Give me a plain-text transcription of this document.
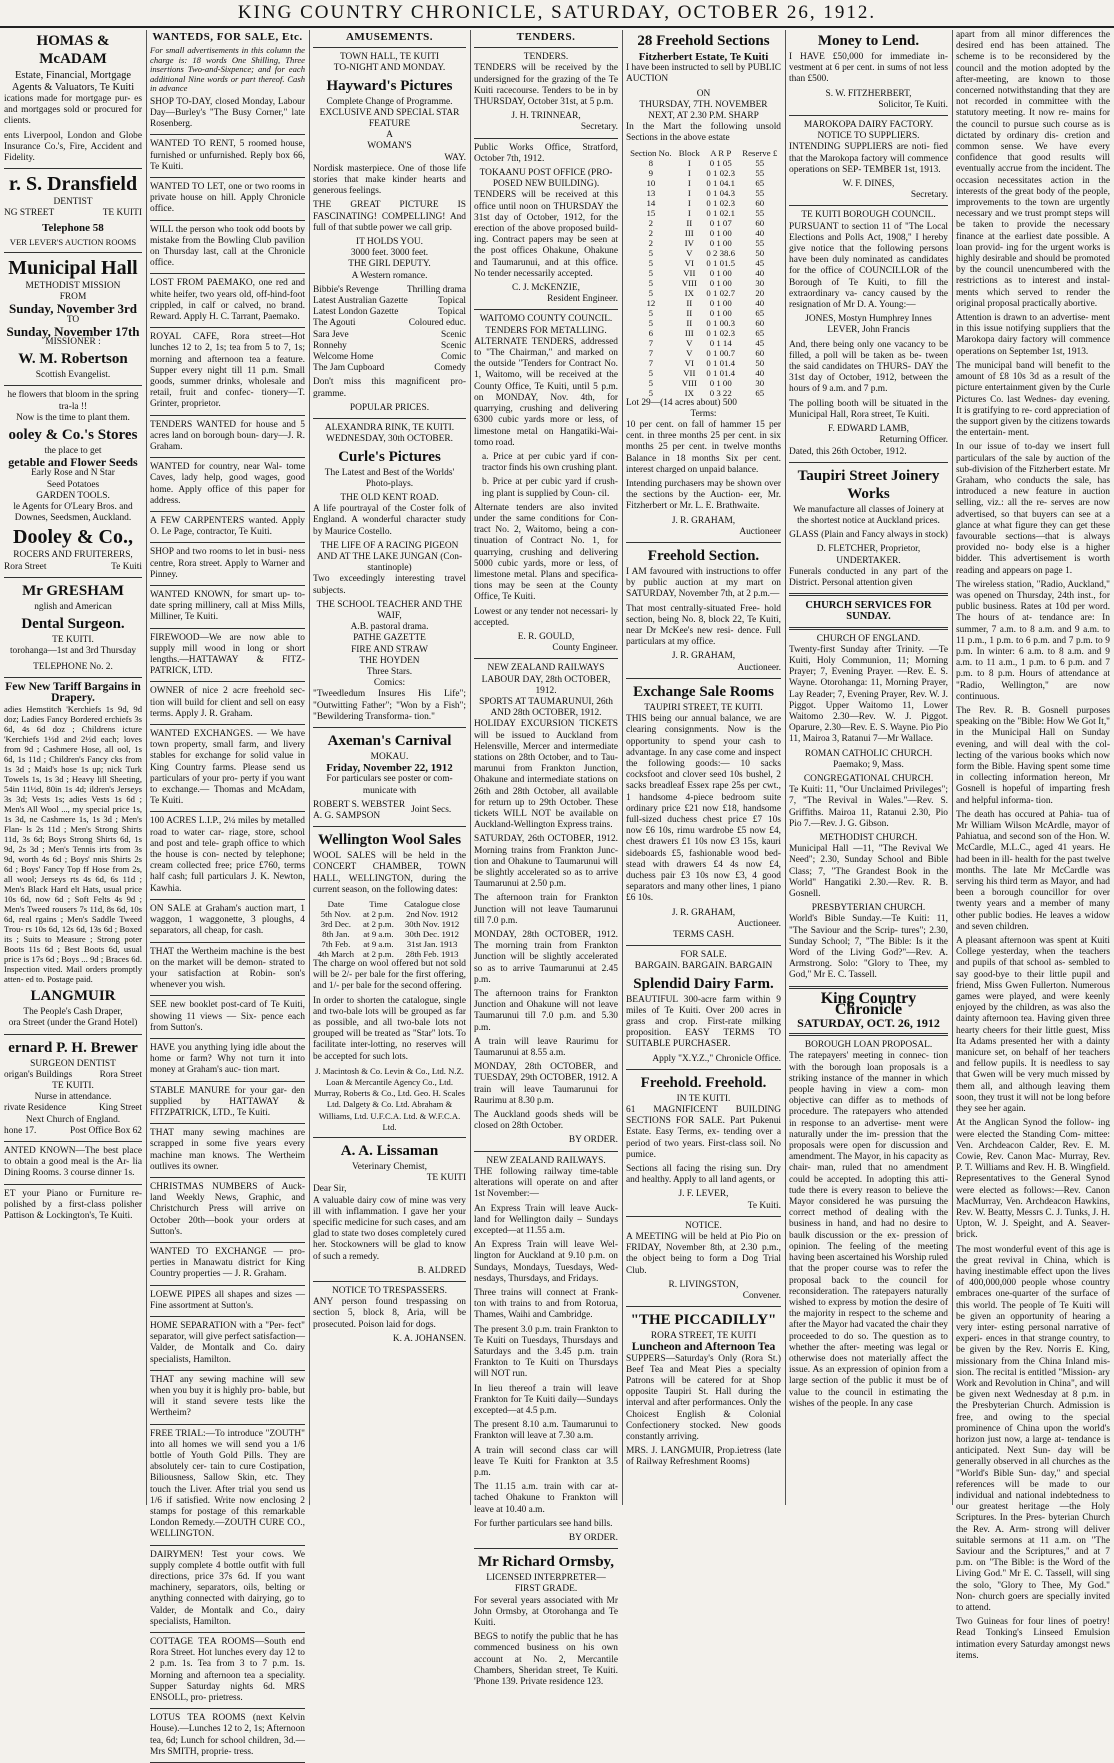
KING COUNTRY CHRONICLE, SATURDAY, OCTOBER 26, 1912.
HOMAS & McADAM
Estate, Financial, Mortgage Agents & Valuators, Te Kuiti

ications made for mortgage pur- es and mortgages sold or procured for clients.

ents Liverpool, London and Globe Insurance Co.'s, Fire, Accident and Fidelity.

r. S. Dransfield
DENTIST
NG STREET	TE KUITI
Telephone 58
VER LEVER'S AUCTION ROOMS
Municipal Hall
METHODIST MISSION
FROM
Sunday, November 3rd
TO
Sunday, November 17th
MISSIONER :
W. M. Robertson
Scottish Evangelist.
he flowers that bloom in the spring tra-la !!
Now is the time to plant them.
ooley & Co.'s Stores
the place to get
getable and Flower Seeds
Early Rose and N Star
Seed Potatoes
GARDEN TOOLS.
le Agents for O'Leary Bros. and Downes, Seedsmen, Auckland.
Dooley & Co.,
ROCERS AND FRUITERERS,
Rora Street	Te Kuiti
Mr GRESHAM
nglish and American
Dental Surgeon.
TE KUITI.
torohanga—1st and 3rd Thursday
TELEPHONE No. 2.
Few New Tariff Bargains in Drapery.

adies Hemstitch 'Kerchiefs 1s 9d, 9d doz; Ladies Fancy Bordered erchiefs 3s 6d, 4s 6d doz ; Childrens icture 'Kerchiefs 1½d and 2½d each; loves from 9d ; Cashmere Hose, all ool, 1s 6d, 1s 11d ; Children's Fancy cks from 1s 3d ; Maid's hose 1s up; nick Turk Towels 1s, 1s 3d ; Heavy lill Sheeting, 54in 11½d, 80in 1s 4d; ildren's Jerseys 3s 3d; Vests 1s; adies Vests 1s 6d ; Men's All Wool ..., my special price 1s, 1s 3d, ne Cashmere 1s, 1s 3d ; Men's Flan- ls 2s 11d ; Men's Strong Shirts 11d, 3s 6d; Boys Strong Shirts 6d, 1s 9d, 2s 3d ; Men's Tennis irts from 3s 9d, worth 4s 6d ; Boys' nnis Shirts 2s 6d ; Boys' Fancy Top ff Hose from 2s, all wool; Jerseys rts 4s 6d, 6s 11d ; Men's Black Hard elt Hats, usual price 10s 6d, now 6d ; Soft Felts 4s 9d ; Men's Tweed rousers 7s 11d, 8s 6d, 10s 6d, real rgains ; Men's Saddle Tweed Trou- rs 10s 6d, 12s 6d, 13s 6d ; Boxed its ; Suits to Measure ; Strong poter Boots 11s 6d ; Best Boots 6d, usual price is 17s 6d ; Boys ... 9d ; Braces 6d. Inspection vited. Mail orders promptly atten- ed to. Postage paid.

LANGMUIR
The People's Cash Draper,
ora Street (under the Grand Hotel)
ernard P. H. Brewer
SURGEON DENTIST
origan's Buildings	Rora Street
TE KUITI.
Nurse in attendance.
rivate Residence	King Street
Next Church of England.
hone 17.	Post Office Box 62

ANTED KNOWN—The best place to obtain a good meal is the Ar- lia Dining Rooms. 3 course dinner 1s.

ET your Piano or Furniture re- polished by a first-class polisher Pattison & Lockington's, Te Kuiti.

WANTEDS, FOR SALE, Etc.

For small advertisements in this column the charge is: 18 words One Shilling, Three insertions Two-and-Sixpence; and for each additional Nine words or part thereof. Cash in advance

SHOP TO-DAY, closed Monday, Labour Day—Burley's "The Busy Corner," late Rosenberg.

WANTED TO RENT, 5 roomed house, furnished or unfurnished. Reply box 66, Te Kuiti.

WANTED TO LET, one or two rooms in private house on hill. Apply Chronicle office.

WILL the person who took odd boots by mistake from the Bowling Club pavilion on Thursday last, call at the Chronicle office.

LOST FROM PAEMAKO, one red and white heifer, two years old, off-hind-foot crippled, in calf or calved, no brand. Reward. Apply H. C. Tarrant, Paemako.

ROYAL CAFE, Rora street—Hot lunches 12 to 2, 1s; tea from 5 to 7, 1s; morning and afternoon tea a feature. Supper every night till 11 p.m. Small goods, summer drinks, wholesale and retail, fruit and confec- tionery—T. Grinter, proprietor.

TENDERS WANTED for house and 5 acres land on borough boun- dary—J. R. Graham.

WANTED for country, near Wal- tome Caves, lady help, good wages, good home. Apply office of this paper for address.

A FEW CARPENTERS wanted. Apply O. Le Page, contractor, Te Kuiti.

SHOP and two rooms to let in busi- ness centre, Rora street. Apply to Warner and Pinney.

WANTED KNOWN, for smart up- to-date spring millinery, call at Miss Mills, Milliner, Te Kuiti.

FIREWOOD—We are now able to supply mill wood in long or short lengths.—HATTAWAY & FITZ- PATRICK, LTD.

OWNER of nice 2 acre freehold sec- tion will build for client and sell on easy terms. Apply J. R. Graham.

WANTED EXCHANGES. — We have town property, small farm, and livery stables for exchange for solid value in King Country farms. Please send us particulars of your pro- perty if you want to exchange.— Thomas and McAdam, Te Kuiti.

100 ACRES L.I.P., 2¼ miles by metalled road to water car- riage, store, school and post and tele- graph office to which the house is con- nected by telephone; cream collected free; price £760, terms half cash; full particulars J. K. Newton, Kawhia.

ON SALE at Graham's auction mart, 1 waggon, 1 waggonette, 3 ploughs, 4 separators, all cheap, for cash.

THAT the Wertheim machine is the best on the market will be demon- strated to your satisfaction at Robin- son's whenever you wish.

SEE new booklet post-card of Te Kuiti, showing 11 views — Six- pence each from Sutton's.

HAVE you anything lying idle about the home or farm? Why not turn it into money at Graham's auc- tion mart.

STABLE MANURE for your gar- den supplied by HATTAWAY & FITZPATRICK, LTD., Te Kuiti.

THAT many sewing machines are scrapped in some five years every machine man knows. The Wertheim outlives its owner.

CHRISTMAS NUMBERS of Auck- land Weekly News, Graphic, and Christchurch Press will arrive on October 20th—book your orders at Sutton's.

WANTED TO EXCHANGE — pro- perties in Manawatu district for King Country properties — J. R. Graham.

LOEWE PIPES all shapes and sizes —Fine assortment at Sutton's.

HOME SEPARATION with a "Per- fect" separator, will give perfect satisfaction—Valder, de Montalk and Co. dairy specialists, Hamilton.

THAT any sewing machine will sew when you buy it is highly pro- bable, but will it stand severe tests like the Wertheim?

FREE TRIAL:—To introduce "ZOUTH" into all homes we will send you a 1/6 bottle of Youth Gold Pills. They are absolutely cer- tain to cure Costipation, Biliousness, Sallow Skin, etc. They touch the Liver. After trial you send us 1/6 if satisfied. Write now enclosing 2 stamps for postage of this remarkable London Remedy.—ZOUTH CURE CO., WELLINGTON.

DAIRYMEN! Test your cows. We supply complete 4 bottle outfit with full directions, price 37s 6d. If you want machinery, separators, oils, belting or anything connected with dairying, go to Valder, de Montalk and Co., dairy specialists, Hamilton.

COTTAGE TEA ROOMS—South end Rora Street. Hot lunches every day 12 to 2 p.m. 1s. Tea from 3 to 7 p.m. 1s. Morning and afternoon tea a speciality. Supper Saturday nights 6d. MRS ENSOLL, pro- prietress.

LOTUS TEA ROOMS (next Kelvin House).—Lunches 12 to 2, 1s; Afternoon tea, 6d; Lunch for school children, 3d.—Mrs SMITH, proprie- tress.

AMUSEMENTS.
TOWN HALL, TE KUITI
TO-NIGHT AND MONDAY.
Hayward's Pictures
Complete Change of Programme.
EXCLUSIVE AND SPECIAL STAR FEATURE
A
WOMAN'S
WAY.

Nordisk masterpiece. One of those life stories that make kinder hearts and generous feelings.

THE GREAT PICTURE IS FASCINATING! COMPELLING! And full of that subtle power we call grip.

IT HOLDS YOU.
3000 feet. 3000 feet.
THE GIRL DEPUTY.
A Western romance.
Bibbie's Revenge	Thrilling drama
Latest Australian Gazette	Topical
Latest London Gazette	Topical
The Agouti	Coloured educ.
Sara Jeve	Scenic
Ronnehy	Scenic
Welcome Home	Comic
The Jam Cupboard	Comedy

Don't miss this magnificent pro- gramme.

POPULAR PRICES.
ALEXANDRA RINK, TE KUITI.
WEDNESDAY, 30th OCTOBER.
Curle's Pictures

The Latest and Best of the Worlds' Photo-plays.

THE OLD KENT ROAD.

A life pourtrayal of the Coster folk of England. A wonderful character study by Maurice Costello.

THE LIFE OF A RACING PIGEON AND AT THE LAKE JUNGAN (Con- stantinople)

Two exceedingly interesting travel subjects.

THE SCHOOL TEACHER AND THE WAIF,
A.B. pastoral drama.
PATHE GAZETTE
FIRE AND STRAW
THE HOYDEN
Three Stars.
Comics:

"Tweedledum Insures His Life"; "Outwitting Father"; "Won by a Fish"; "Bewildering Transforma- tion."

Axeman's Carnival
MOKAU.
Friday, November 22, 1912

For particulars see poster or com- municate with

ROBERT S. WEBSTER
A. G. SAMPSON
Joint Secs.
Wellington Wool Sales

WOOL SALES will be held in the CONCERT CHAMBER, TOWN HALL, WELLINGTON, during the current season, on the following dates:

Date	Time	Catalogue close
5th Nov.	at 2 p.m.	2nd Nov. 1912
3rd Dec.	at 2 p.m.	30th Nov. 1912
8th Jan.	at 9 a.m.	30th Dec. 1912
7th Feb.	at 9 a.m.	31st Jan. 1913
4th March	at 2 p.m.	28th Feb. 1913

The charge on wool offered but not sold will be 2/- per bale for the first offering, and 1/- per bale for the second offering.

In order to shorten the catalogue, single and two-bale lots will be grouped as far as possible, and all two-bale lots not grouped will be treated as "Star" lots. To facilitate inter-lotting, no reserves will be accepted for such lots.

J. Macintosh & Co. Levin & Co., Ltd. N.Z. Loan & Mercantile Agency Co., Ltd. Murray, Roberts & Co., Ltd. Geo. H. Scales Ltd. Dalgety & Co. Ltd. Abraham & Williams, Ltd. U.F.C.A. Ltd. & W.F.C.A. Ltd.

A. A. Lissaman
Veterinary Chemist,
TE KUITI
Dear Sir,

A valuable dairy cow of mine was very ill with inflammation. I gave her your specific medicine for such cases, and am glad to state two doses completely cured her. Stockowners will be glad to know of such a remedy.

B. ALDRED
NOTICE TO TRESPASSERS.

ANY person found trespassing on section 5, block 8, Aria, will be prosecuted. Poison laid for dogs.

K. A. JOHANSEN.
TENDERS.
TENDERS.

TENDERS will be received by the undersigned for the grazing of the Te Kuiti racecourse. Tenders to be in by THURSDAY, October 31st, at 5 p.m.

J. H. TRINNEAR,
Secretary.

Public Works Office, Stratford, October 7th, 1912.

TOKAANU POST OFFICE (PRO- POSED NEW BUILDING).

TENDERS will be received at this office until noon on THURSDAY the 31st day of October, 1912, for the erection of the above proposed build- ing. Contract papers may be seen at the post offices Ohakune, Ohakune and Taumarunui, and at this office. No tender necessarily accepted.

C. J. McKENZIE,
Resident Engineer.
WAITOMO COUNTY COUNCIL.
TENDERS FOR METALLING.

ALTERNATE TENDERS, addressed to "The Chairman," and marked on the outside "Tenders for Contract No. 1, Waitomo, will be received at the County Office, Te Kuiti, until 5 p.m. on MONDAY, Nov. 4th, for quarrying, crushing and delivering 6300 cubic yards more or less, of limestone metal on Hangatiki-Wai- tomo road.

a. Price at per cubic yard if con- tractor finds his own crushing plant.

b. Price at per cubic yard if crush- ing plant is supplied by Coun- cil.

Alternate tenders are also invited under the same conditions for Con- tract No. 2, Waitomo, being a con- tinuation of Contract No. 1, for quarrying, crushing and delivering 5000 cubic yards, more or less, of limestone metal. Plans and specifica- tions may be seen at the County Office, Te Kuiti.

Lowest or any tender not necessari- ly accepted.

E. R. GOULD,
County Engineer.
NEW ZEALAND RAILWAYS
LABOUR DAY, 28th OCTOBER, 1912.
SPORTS AT TAUMARUNUI, 26th AND 28th OCTOBER, 1912.

HOLIDAY EXCURSION TICKETS will be issued to Auckland from Helensville, Mercer and intermediate stations on 28th October, and to Tau- marunui from Frankton Junction, Ohakune and intermediate stations on 26th and 28th October, all available for return up to 29th October. These tickets WILL NOT be available on Auckland-Wellington Express trains.

SATURDAY, 26th OCTOBER, 1912. Morning trains from Frankton Junc- tion and Ohakune to Taumarunui will be slightly accelerated so as to arrive Taumarunui at 2.50 p.m.

The afternoon train for Frankton Junction will not leave Taumarunui till 7.0 p.m.

MONDAY, 28th OCTOBER, 1912. The morning train from Frankton Junction will be slightly accelerated so as to arrive Taumarunui at 2.45 p.m.

The afternoon trains for Frankton Junction and Ohakune will not leave Taumarunui till 7.0 p.m. and 5.30 p.m.

A train will leave Raurimu for Taumarunui at 8.55 a.m.

MONDAY, 28th OCTOBER, and TUESDAY, 29th OCTOBER, 1912. A train will leave Taumarunui for Raurimu at 8.30 p.m.

The Auckland goods sheds will be closed on 28th October.

BY ORDER.
NEW ZEALAND RAILWAYS.

THE following railway time-table alterations will operate on and after 1st November:—

An Express Train will leave Auck- land for Wellington daily – Sundays excepted—at 11.55 a.m.

An Express Train will leave Wel- lington for Auckland at 9.10 p.m. on Sundays, Mondays, Tuesdays, Wed- nesdays, Thursdays, and Fridays.

Three trains will connect at Frank- ton with trains to and from Rotorua, Thames, Waihi and Cambridge.

The present 3.0 p.m. train Frankton to Te Kuiti on Tuesdays, Thursdays and Saturdays and the 3.45 p.m. train Frankton to Te Kuiti on Thursdays will NOT run.

In lieu thereof a train will leave Frankton for Te Kuiti daily—Sundays excepted—at 4.5 p.m.

The present 8.10 a.m. Taumarunui to Frankton will leave at 7.30 a.m.

A train will second class car will leave Te Kuiti for Frankton at 3.5 p.m.

The 11.15 a.m. train with car at- tached Ohakune to Frankton will leave at 10.40 a.m.

For further particulars see hand bills.

BY ORDER.
Mr Richard Ormsby,
LICENSED INTERPRETER—FIRST GRADE.

For several years associated with Mr John Ormsby, at Otorohanga and Te Kuiti.

BEGS to notify the public that he has commenced business on his own account at No. 2, Mercantile Chambers, Sheridan street, Te Kuiti. 'Phone 139. Private residence 123.

28 Freehold Sections
Fitzherbert Estate, Te Kuiti

I have been instructed to sell by PUBLIC AUCTION

ON
THURSDAY, 7TH. NOVEMBER NEXT, AT 2.30 P.M. SHARP

In the Mart the following unsold Sections in the above estate

Section No.	Block	A R P	Reserve £
8	I	0 1 05	55
9	I	0 1 02.3	55
10	I	0 1 04.1	65
13	I	0 1 04.3	55
14	I	0 1 02.3	60
15	I	0 1 02.1	55
2	II	0 1 07	60
2	III	0 1 00	40
2	IV	0 1 00	55
5	V	0 2 38.6	50
5	VI	0 1 01.5	45
5	VII	0 1 00	40
5	VIII	0 1 00	30
5	IX	0 1 02.7	20
12	II	0 1 00	40
5	II	0 1 00	65
5	II	0 1 00.3	60
6	III	0 1 02.3	65
7	V	0 1 14	45
7	V	0 1 00.7	60
7	VI	0 1 01.4	50
5	VII	0 1 01.4	40
5	VIII	0 1 00	30
5	IX	0 3 22	65
Lot 29—(14 acres about) 500
Terms:

10 per cent. on fall of hammer 15 per cent. in three months 25 per cent. in six months 25 per cent. in twelve months Balance in 18 months Six per cent. interest charged on unpaid balance.

Intending purchasers may be shown over the sections by the Auction- eer, Mr. Fitzherbert or Mr. L. E. Brathwaite.

J. R. GRAHAM,
Auctioneer
Freehold Section.

I AM favoured with instructions to offer by public auction at my mart on SATURDAY, November 7th, at 2 p.m.—

That most centrally-situated Free- hold section, being No. 8, block 22, Te Kuiti, near Dr McKee's new resi- dence. Full particulars at my office.

J. R. GRAHAM,
Auctioneer.
Exchange Sale Rooms
TAUPIRI STREET, TE KUITI.

THIS being our annual balance, we are clearing consignments. Now is the opportunity to spend your cash to advantage. In any case come and inspect the following goods:— 10 sacks cocksfoot and clover seed 10s bushel, 2 sacks breadleaf Essex rape 25s per cwt., 1 handsome 4-piece bedroom suite ordinary price £21 now £18, handsome full-sized duchess chest price £7 10s now £6 10s, rimu wardrobe £5 now £4, chest drawers £1 10s now £3 15s, kauri sideboards £5, fashionable wood bed- stead with drawers £4 4s now £4, duchess pair £3 10s now £3, 4 good separators and many other lines, 1 piano £6 10s.

J. R. GRAHAM,
Auctioneer.
TERMS CASH.
FOR SALE.
BARGAIN. BARGAIN. BARGAIN
Splendid Dairy Farm.

BEAUTIFUL 300-acre farm within 9 miles of Te Kuiti. Over 200 acres in grass and crop. First-rate milking proposition. EASY TERMS TO SUITABLE PURCHASER.

Apply "X.Y.Z.," Chronicle Office.
Freehold. Freehold.
IN TE KUITI.

61 MAGNIFICENT BUILDING SECTIONS FOR SALE. Part Pukenui Estate. Easy Terms, ex- tending over a period of two years. First-class soil. No pumice.

Sections all facing the rising sun. Dry and healthy. Apply to all land agents, or

J. F. LEVER,
Te Kuiti.
NOTICE.

A MEETING will be held at Pio Pio on FRIDAY, November 8th, at 2.30 p.m., the object being to form a Dog Trial Club.

R. LIVINGSTON,
Convener.
"THE PICCADILLY"
RORA STREET, TE KUITI
Luncheon and Afternoon Tea

SUPPERS—Saturday's Only (Rora St.) Beef Tea and Meat Pies a specialty Patrons will be catered for at Shop opposite Taupiri St. Hall during the interval and after performances. Only the Choicest English & Colonial Confectionery stocked. New goods constantly arriving.

MRS. J. LANGMUIR, Prop.ietress (late of Railway Refreshment Rooms)

Money to Lend.

I HAVE £50,000 for immediate in- vestment at 6 per cent. in sums of not less than £500.

S. W. FITZHERBERT,
Solicitor, Te Kuiti.
MAROKOPA DAIRY FACTORY.
NOTICE TO SUPPLIERS.

INTENDING SUPPLIERS are noti- fied that the Marokopa factory will commence operations on SEP- TEMBER 1st, 1913.

W. F. DINES,
Secretary.
TE KUITI BOROUGH COUNCIL.

PURSUANT to section 11 of "The Local Elections and Polls Act, 1908," I hereby give notice that the following persons have been duly nominated as candidates for the office of COUNCILLOR of the Borough of Te Kuiti, to fill the extraordinary va- cancy caused by the resignation of Mr D. A. Young:—

JONES, Mostyn Humphrey Innes LEVER, John Francis

And, there being only one vacancy to be filled, a poll will be taken as be- tween the said candidates on THURS- DAY the 31st day of October, 1912, between the hours of 9 a.m. and 7 p.m.

The polling booth will be situated in the Municipal Hall, Rora street, Te Kuiti.

F. EDWARD LAMB,
Returning Officer.
Dated, this 26th October, 1912.
Taupiri Street Joinery Works

We manufacture all classes of Joinery at the shortest notice at Auckland prices.

GLASS (Plain and Fancy always in stock)

D. FLETCHER, Proprietor,
UNDERTAKER.

Funerals conducted in any part of the District. Personal attention given

CHURCH SERVICES FOR SUNDAY.
CHURCH OF ENGLAND.

Twenty-first Sunday after Trinity. —Te Kuiti, Holy Communion, 11; Morning Prayer; 7, Evening Prayer. —Rev. E. S. Wayne. Otorohanga: 11, Morning Prayer, Lay Reader; 7, Evening Prayer, Rev. W. J. Piggot. Upper Waitomo 11, Lower Waitomo 2.30—Rev. W. J. Piggot. Oparure, 2.30—Rev. E. S. Wayne. Pio Pio 11, Mairoa 3, Ratanui 7—Mr Wallace.

ROMAN CATHOLIC CHURCH.

Paemako; 9, Mass.

CONGREGATIONAL CHURCH.

Te Kuiti: 11, "Our Unclaimed Privileges"; 7, "The Revival in Wales."—Rev. S. Griffiths. Mairoa 11, Ratanui 2.30, Pio Pio 7.—Rev. J. G. Gibson.

METHODIST CHURCH.

Municipal Hall —11, "The Revival We Need"; 2.30, Sunday School and Bible Class; 7, "The Grandest Book in the World" Hangatiki 2.30.—Rev. R. B. Gosnell.

PRESBYTERIAN CHURCH.

World's Bible Sunday.—Te Kuiti: 11, "The Saviour and the Scrip- tures"; 2.30, Sunday School; 7, "The Bible: Is it the Word of the Living God?"—Rev. A. Armstrong. Solo: "Glory to Thee, my God," Mr E. C. Tassell.

King Country Chronicle
SATURDAY, OCT. 26, 1912
BOROUGH LOAN PROPOSAL.

The ratepayers' meeting in connec- tion with the borough loan proposals is a striking instance of the manner in which people having in view a com- mon objective can differ as to methods of procedure. The ratepayers who attended in response to an advertise- ment were naturally under the im- pression that the proposals were open for discussion and amendment. The Mayor, in his capacity as chair- man, ruled that no amendment could be accepted. In adopting this atti- tude there is every reason to believe the Mayor considered he was pursuing the correct method of dealing with the business in hand, and had no desire to baulk discussion or the ex- pression of opinion. The feeling of the meeting having been ascertained his Worship ruled that the proper course was to refer the proposal back to the council for reconsideration. The ratepayers naturally wished to express by motion the desire of the majority in respect to the scheme and after the Mayor had vacated the chair they proceeded to do so. The question as to whether the after- meeting was legal or otherwise does not materially affect the issue. As an expression of opinion from a large section of the public it must be of value to the council in estimating the wishes of the people. In any case

apart from all minor differences the desired end has been attained. The scheme is to be reconsidered by the council and the motion adopted by the after-meeting, are known to those concerned notwithstanding that they are not recorded in committee with the statutory meeting. It now re- mains for the council to pursue such course as is dictated by ordinary dis- cretion and common sense. We have every confidence that good results will eventually accrue from the incident. The occasion necessitates action in the interests of the great body of the people, improvements to the town are urgently necessary and we trust prompt steps will be taken to provide the necessary finance at the earliest date possible. A loan provid- ing for the urgent works is highly desirable and should be promoted by the council unencumbered with the restrictions as to interest and instal- ments which served to render the original proposal practically abortive.

Attention is drawn to an advertise- ment in this issue notifying suppliers that the Marokopa dairy factory will commence operations on September 1st, 1913.

The municipal band will benefit to the amount of £8 10s 3d as a result of the picture entertainment given by the Curle Pictures Co. last Wednes- day evening. It is gratifying to re- cord appreciation of the support given by the citizens towards the entertain- ment.

In our issue of to-day we insert full particulars of the sale by auction of the sub-division of the Fitzherbert estate. Mr Graham, who conducts the sale, has introduced a new feature in auction selling, viz.: all the re- serves are now advertised, so that buyers can see at a glance at what figure they can get these favourable sections—that is always provided no- body else is a higher bidder. This advertisement is worth reading and appears on page 1.

The wireless station, "Radio, Auckland," was opened on Thursday, 24th inst., for public business. Rates at 10d per word. The hours of at- tendance are: In summer, 7 a.m. to 8 a.m. and 9 a.m. to 11 p.m., 1 p.m. to 6 p.m. and 7 p.m. to 9 p.m. In winter: 6 a.m. to 8 a.m. and 9 a.m. to 11 a.m., 1 p.m. to 6 p.m. and 7 p.m. to 8 p.m. Hours of attendance at "Radio, Wellington," are now continuous.

The Rev. R. B. Gosnell purposes speaking on the "Bible: How We Got It," in the Municipal Hall on Sunday evening, and will deal with the col- lecting of the various books which now form the Bible. Having spent some time in collecting information hereon, Mr Gosnell is hopeful of imparting fresh and helpful informa- tion.

The death has occured at Pahia- tua of Mr William Wilson McArdle, mayor of Pahiatua, and second son of the Hon. W. McCardle, M.L.C., aged 41 years. He had been in ill- health for the past twelve months. The late Mr McCardle was serving his third term as Mayor, and had been a borough councillor for over twenty years and a member of many other public bodies. He leaves a widow and seven children.

A pleasant afternoon was spent at Kuiti College yesterday, when the teachers and pupils of that school as- sembled to say good-bye to their little pupil and friend, Miss Gwen Fullerton. Numerous games were played, and were keenly enjoyed by the children, as was also the dainty afternoon tea. Having given three hearty cheers for their little guest, Miss Ita Adams presented her with a dainty manicure set, on behalf of her teachers and fellow pupils. It is needless to say that Gwen will be very much missed by them all, and although leaving them soon, they trust it will not be long before they see her again.

At the Anglican Synod the follow- ing were elected the Standing Com- mittee: Ven. Archdeacon Calder, Rev. E. M. Cowie, Rev. Canon Mac- Murray, Rev. P. T. Williams and Rev. H. B. Wingfield. Representatives to the General Synod were elected as follows:—Rev. Canon MacMurray, Ven. Archdeacon Hawkins, Rev. W. Beatty, Messrs C. J. Tunks, J. H. Upton, W. J. Speight, and A. Seaver- brick.

The most wonderful event of this age is the great revival in China, which is having inestimable effect upon the lives of 400,000,000 people whose country embraces one-quarter of the surface of this world. The people of Te Kuiti will be given an opportunity of hearing a very inter- esting personal narrative of experi- ences in that strange country, to be given by the Rev. Norris E. King, missionary from the China Inland mis- sion. The recital is entitled "Mission- ary Work and Revolution in China", and will be given next Wednesday at 8 p.m. in the Presbyterian Church. Admission is free, and owing to the special prominence of China upon the world's horizon just now, a large at- tendance is anticipated. Next Sun- day will be generally observed in all churches as the "World's Bible Sun- day," and special references will be made to our individual and national indebtedness to our greatest heritage —the Holy Scriptures. In the Pres- byterian Church the Rev. A. Arm- strong will deliver suitable sermons at 11 a.m. on "The Saviour and the Scriptures," and at 7 p.m. on "The Bible: is the Word of the Living God." Mr E. C. Tassell, will sing the solo, "Glory to Thee, My God." Non- church goers are specially invited to attend.

Two Guineas for four lines of poetry! Read Tonking's Linseed Emulsion intimation every Saturday amongst news items.
